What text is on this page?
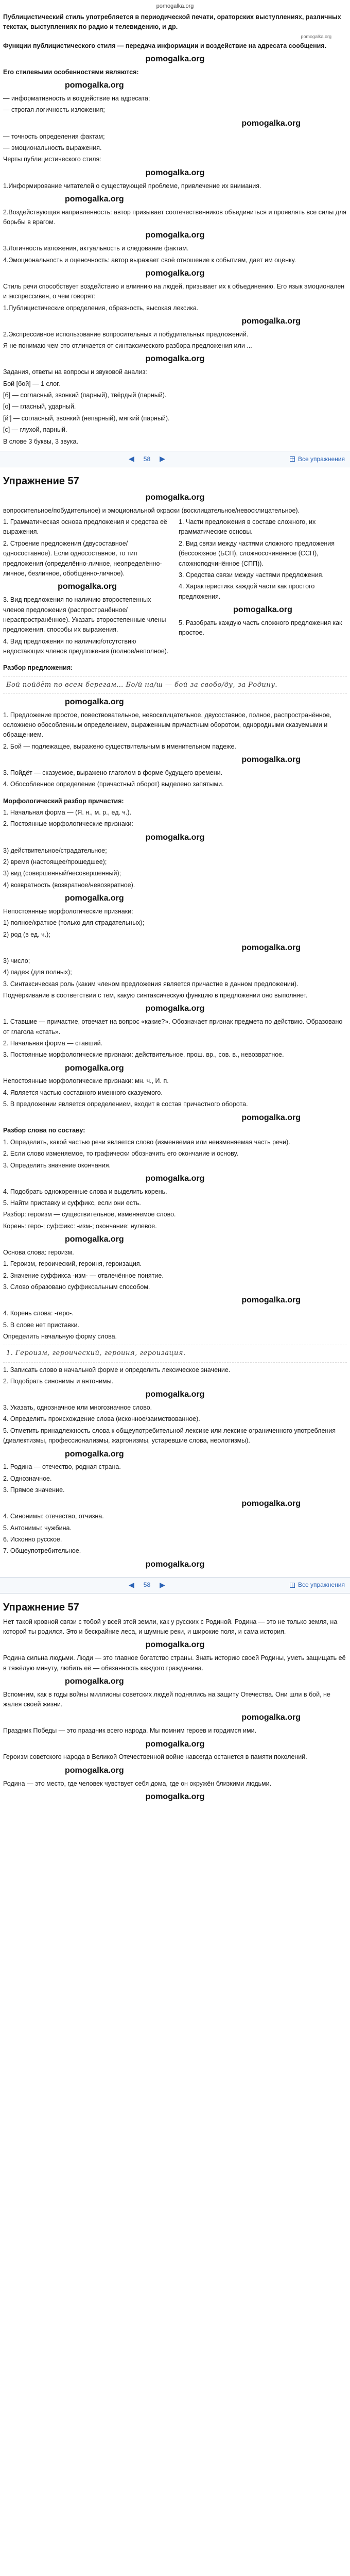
pomogalka.org

Публицистический стиль употребляется в периодической печати, ораторских выступлениях, различных текстах, выступлениях по радио и телевидению, и др.

pomogalka.org

Функции публицистического стиля — передача информации и воздействие на адресата сообщения.

pomogalka.org

Его стилевыми особенностями являются:

pomogalka.org

— информативность и воздействие на адресата;

— строгая логичность изложения;

pomogalka.org

— точность определения фактам;

— эмоциональность выражения.

Черты публицистического стиля:

pomogalka.org

1.Информирование читателей о существующей проблеме, привлечение их внимания.

pomogalka.org

2.Воздействующая направленность: автор призывает соотечественников объединиться и проявлять все силы для борьбы в врагом.

pomogalka.org

3.Логичность изложения, актуальность и следование фактам.

4.Эмоциональность и оценочность: автор выражает своё отношение к событиям, дает им оценку.

pomogalka.org

Стиль речи способствует воздействию и влиянию на людей, призывает их к объединению. Его язык эмоционален и экспрессивен, о чем говорят:

1.Публицистические определения, образность, высокая лексика.

pomogalka.org

2.Экспрессивное использование вопросительных и побудительных предложений.

Я не понимаю чем это отличается от синтаксического разбора предложения или ...

pomogalka.org

Задания, ответы на вопросы и звуковой анализ:

Бой [бой] — 1 слог.

[б] — согласный, звонкий (парный), твёрдый (парный).

[о] — гласный, ударный.

[й'] — согласный, звонкий (непарный), мягкий (парный).

[с] — глухой, парный.

В слове 3 буквы, 3 звука.

◀ 58 ▶	Все упражнения
Упражнение 57
pomogalka.org

вопросительное/побудительное) и эмоциональной окраски (восклицательное/невосклицательное).

1. Грамматическая основа предложения и средства её выражения.

2. Строение предложения (двусоставное/односоставное). Если односоставное, то тип предложения (определённо-личное, неопределённо-личное, безличное, обобщённо-личное).

pomogalka.org

3. Вид предложения по наличию второстепенных членов предложения (распространённое/нераспространённое). Указать второстепенные члены предложения, способы их выражения.

4. Вид предложения по наличию/отсутствию недостающих членов предложения (полное/неполное).

1. Части предложения в составе сложного, их грамматические основы.

2. Вид связи между частями сложного предложения (бессоюзное (БСП), сложносочинённое (ССП), сложноподчинённое (СПП)).

3. Средства связи между частями предложения.

4. Характеристика каждой части как простого предложения.

pomogalka.org

5. Разобрать каждую часть сложного предложения как простое.

Разбор предложения:

Бой пойдёт по всем берегам… Бо/й на/ш — бой за свобо/ду, за Родину.
pomogalka.org

1. Предложение простое, повествовательное, невосклицательное, двусоставное, полное, распространённое, осложнено обособленным определением, выраженным причастным оборотом, однородными сказуемыми и обращением.

2. Бой — подлежащее, выражено существительным в именительном падеже.

pomogalka.org

3. Пойдёт — сказуемое, выражено глаголом в форме будущего времени.

4. Обособленное определение (причастный оборот) выделено запятыми.

Морфологический разбор причастия:

1. Начальная форма — (Я. н., м. р., ед. ч.).

2. Постоянные морфологические признаки:

pomogalka.org

3) действительное/страдательное;

2) время (настоящее/прошедшее);

3) вид (совершенный/несовершенный);

4) возвратность (возвратное/невозвратное).

pomogalka.org

Непостоянные морфологические признаки:

1) полное/краткое (только для страдательных);

2) род (в ед. ч.);

pomogalka.org

3) число;

4) падеж (для полных);

3. Синтаксическая роль (каким членом предложения является причастие в данном предложении).

Подчёркивание в соответствии с тем, какую синтаксическую функцию в предложении оно выполняет.

pomogalka.org

1. Ставшие — причастие, отвечает на вопрос «какие?». Обозначает признак предмета по действию. Образовано от глагола «стать».

2. Начальная форма — ставший.

3. Постоянные морфологические признаки: действительное, прош. вр., сов. в., невозвратное.

pomogalka.org

Непостоянные морфологические признаки: мн. ч., И. п.

4. Является частью составного именного сказуемого.

5. В предложении является определением, входит в состав причастного оборота.

pomogalka.org

Разбор слова по составу:

1. Определить, какой частью речи является слово (изменяемая или неизменяемая часть речи).

2. Если слово изменяемое, то графически обозначить его окончание и основу.

3. Определить значение окончания.

pomogalka.org

4. Подобрать однокоренные слова и выделить корень.

5. Найти приставку и суффикс, если они есть.

Разбор: героизм — существительное, изменяемое слово.

Корень: геро-; суффикс: -изм-; окончание: нулевое.

pomogalka.org

Основа слова: героизм.

1. Героизм, героический, героиня, героизация.

2. Значение суффикса -изм- — отвлечённое понятие.

3. Слово образовано суффиксальным способом.

pomogalka.org

4. Корень слова: -геро-.

5. В слове нет приставки.

Определить начальную форму слова.

1. Героизм, героический, героиня, героизация.

1. Записать слово в начальной форме и определить лексическое значение.

2. Подобрать синонимы и антонимы.

pomogalka.org

3. Указать, однозначное или многозначное слово.

4. Определить происхождение слова (исконное/заимствованное).

5. Отметить принадлежность слова к общеупотребительной лексике или лексике ограниченного употребления (диалектизмы, профессионализмы, жаргонизмы, устаревшие слова, неологизмы).

pomogalka.org

1. Родина — отечество, родная страна.

2. Однозначное.

3. Прямое значение.

pomogalka.org

4. Синонимы: отечество, отчизна.

5. Антонимы: чужбина.

6. Исконно русское.

7. Общеупотребительное.

pomogalka.org

◀ 58 ▶	Все упражнения
Упражнение 57

Нет такой кровной связи с тобой у всей этой земли, как у русских с Родиной. Родина — это не только земля, на которой ты родился. Это и бескрайние леса, и шумные реки, и широкие поля, и сама история.

pomogalka.org

Родина сильна людьми. Люди — это главное богатство страны. Знать историю своей Родины, уметь защищать её в тяжёлую минуту, любить её — обязанность каждого гражданина.

pomogalka.org

Вспомним, как в годы войны миллионы советских людей поднялись на защиту Отечества. Они шли в бой, не жалея своей жизни.

pomogalka.org

Праздник Победы — это праздник всего народа. Мы помним героев и гордимся ими.

pomogalka.org

Героизм советского народа в Великой Отечественной войне навсегда останется в памяти поколений.

pomogalka.org

Родина — это место, где человек чувствует себя дома, где он окружён близкими людьми.

pomogalka.org
